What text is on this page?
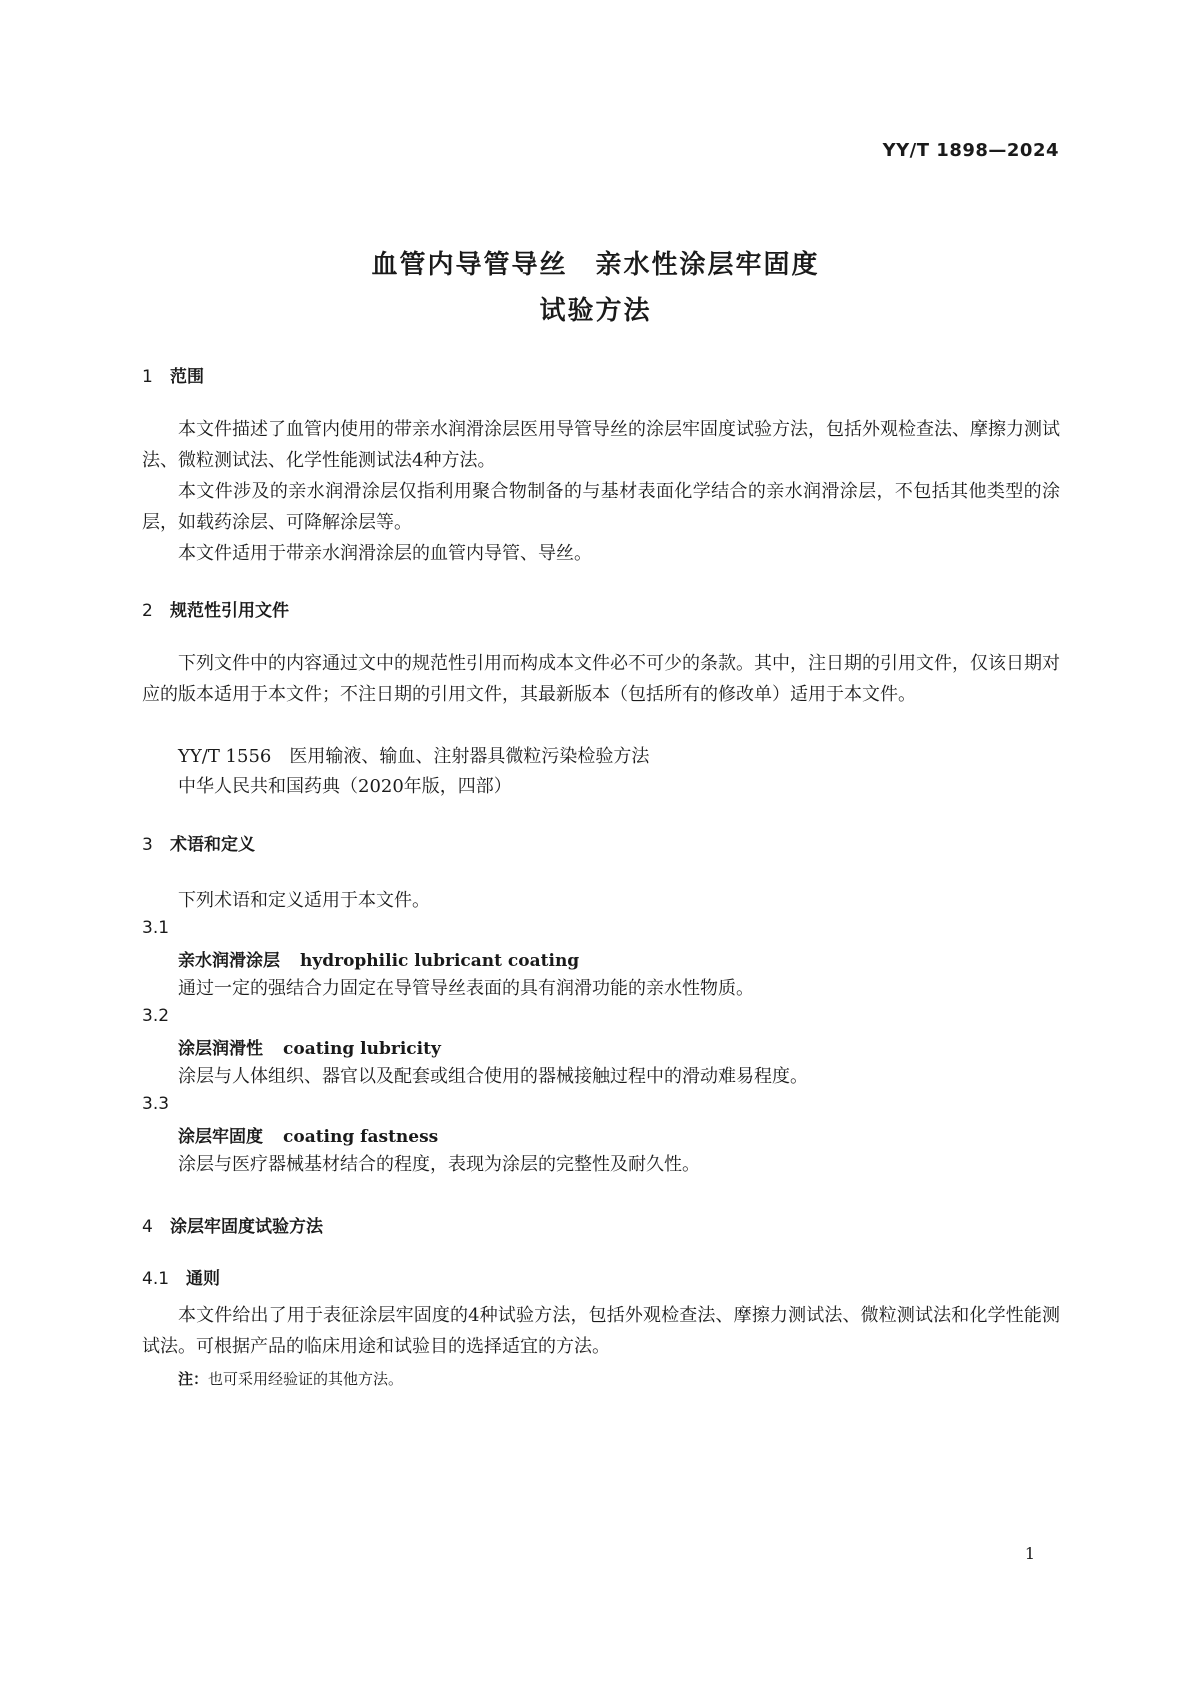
YY/T 1898—2024
血管内导管导丝　亲水性涂层牢固度
试验方法
1 范围
本文件描述了血管内使用的带亲水润滑涂层医用导管导丝的涂层牢固度试验方法，包括外观检查法、摩擦力测试法、微粒测试法、化学性能测试法4种方法。
本文件涉及的亲水润滑涂层仅指利用聚合物制备的与基材表面化学结合的亲水润滑涂层，不包括其他类型的涂层，如载药涂层、可降解涂层等。
本文件适用于带亲水润滑涂层的血管内导管、导丝。
2 规范性引用文件
下列文件中的内容通过文中的规范性引用而构成本文件必不可少的条款。其中，注日期的引用文件，仅该日期对应的版本适用于本文件；不注日期的引用文件，其最新版本（包括所有的修改单）适用于本文件。
YY/T 1556　医用输液、输血、注射器具微粒污染检验方法
中华人民共和国药典（2020年版，四部）
3 术语和定义
下列术语和定义适用于本文件。
3.1
亲水润滑涂层 hydrophilic lubricant coating
通过一定的强结合力固定在导管导丝表面的具有润滑功能的亲水性物质。
3.2
涂层润滑性 coating lubricity
涂层与人体组织、器官以及配套或组合使用的器械接触过程中的滑动难易程度。
3.3
涂层牢固度 coating fastness
涂层与医疗器械基材结合的程度，表现为涂层的完整性及耐久性。
4 涂层牢固度试验方法
4.1 通则
本文件给出了用于表征涂层牢固度的4种试验方法，包括外观检查法、摩擦力测试法、微粒测试法和化学性能测试法。可根据产品的临床用途和试验目的选择适宜的方法。
注：也可采用经验证的其他方法。
1
